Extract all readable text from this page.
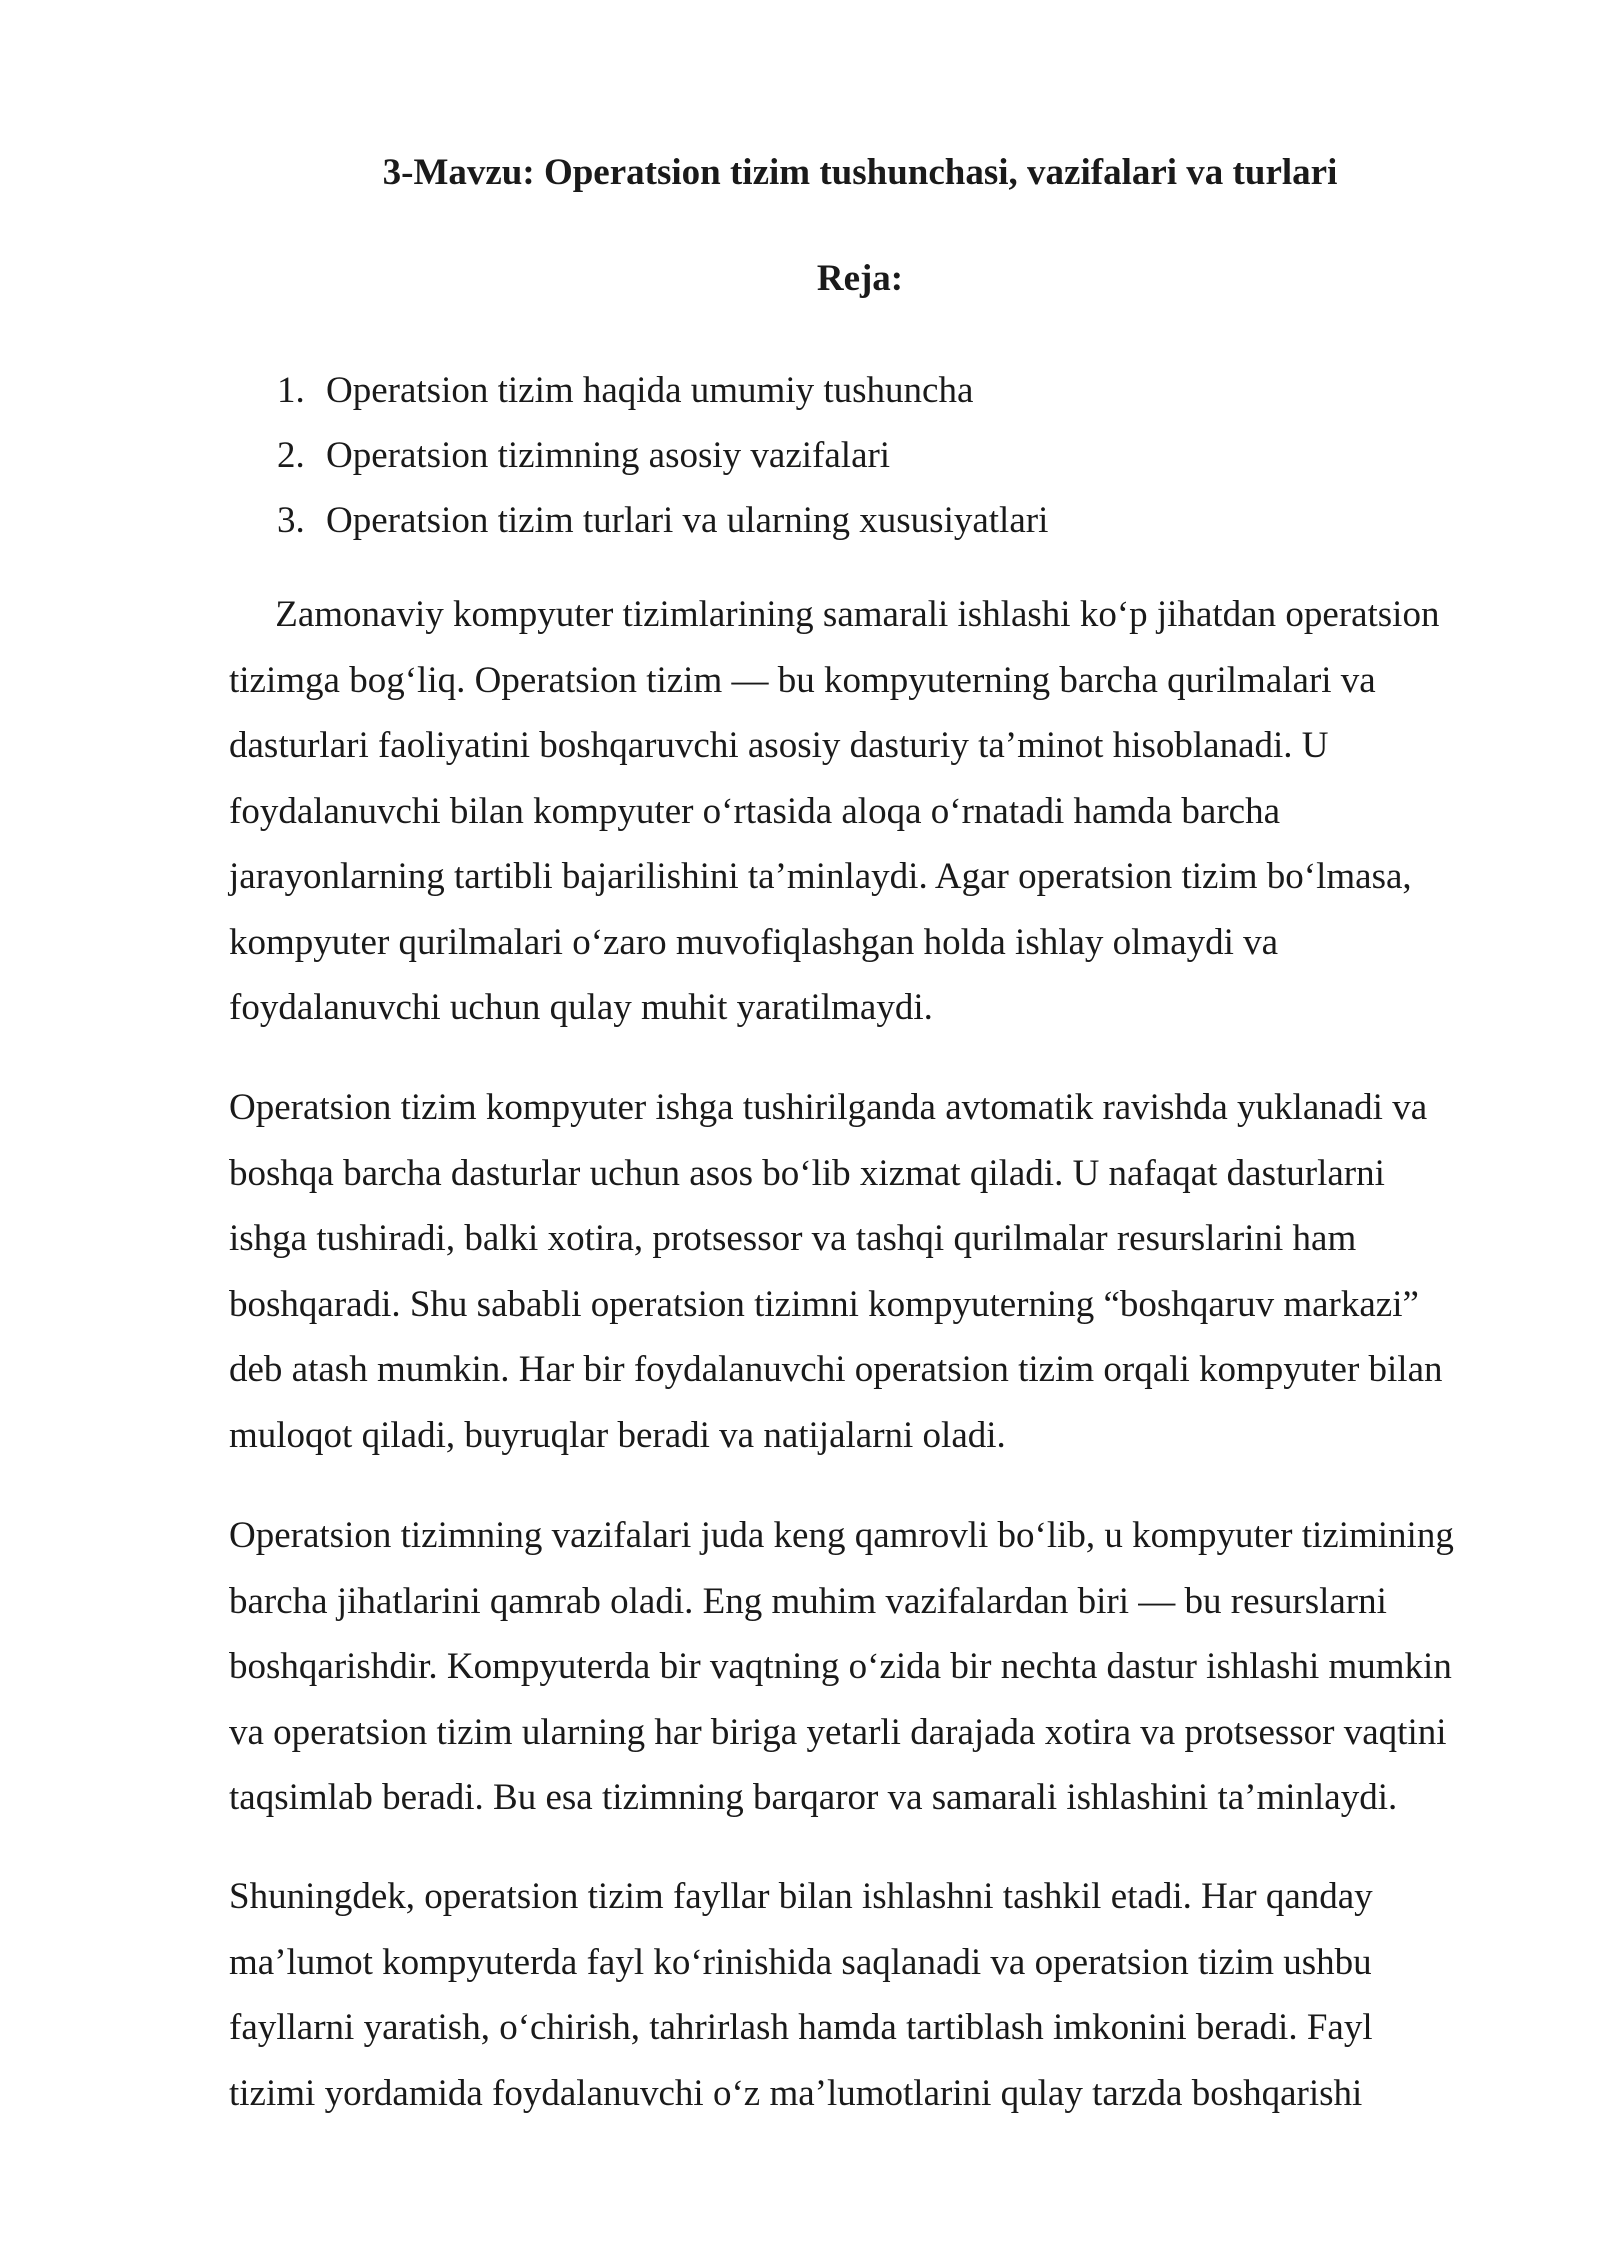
3-Mavzu: Operatsion tizim tushunchasi, vazifalari va turlari
Reja:
1. Operatsion tizim haqida umumiy tushuncha
2. Operatsion tizimning asosiy vazifalari
3. Operatsion tizim turlari va ularning xususiyatlari

Zamonaviy kompyuter tizimlarining samarali ishlashi ko‘p jihatdan operatsion
tizimga bog‘liq. Operatsion tizim — bu kompyuterning barcha qurilmalari va
dasturlari faoliyatini boshqaruvchi asosiy dasturiy ta’minot hisoblanadi. U
foydalanuvchi bilan kompyuter o‘rtasida aloqa o‘rnatadi hamda barcha
jarayonlarning tartibli bajarilishini ta’minlaydi. Agar operatsion tizim bo‘lmasa,
kompyuter qurilmalari o‘zaro muvofiqlashgan holda ishlay olmaydi va
foydalanuvchi uchun qulay muhit yaratilmaydi.

Operatsion tizim kompyuter ishga tushirilganda avtomatik ravishda yuklanadi va
boshqa barcha dasturlar uchun asos bo‘lib xizmat qiladi. U nafaqat dasturlarni
ishga tushiradi, balki xotira, protsessor va tashqi qurilmalar resurslarini ham
boshqaradi. Shu sababli operatsion tizimni kompyuterning “boshqaruv markazi”
deb atash mumkin. Har bir foydalanuvchi operatsion tizim orqali kompyuter bilan
muloqot qiladi, buyruqlar beradi va natijalarni oladi.

Operatsion tizimning vazifalari juda keng qamrovli bo‘lib, u kompyuter tizimining
barcha jihatlarini qamrab oladi. Eng muhim vazifalardan biri — bu resurslarni
boshqarishdir. Kompyuterda bir vaqtning o‘zida bir nechta dastur ishlashi mumkin
va operatsion tizim ularning har biriga yetarli darajada xotira va protsessor vaqtini
taqsimlab beradi. Bu esa tizimning barqaror va samarali ishlashini ta’minlaydi.

Shuningdek, operatsion tizim fayllar bilan ishlashni tashkil etadi. Har qanday
ma’lumot kompyuterda fayl ko‘rinishida saqlanadi va operatsion tizim ushbu
fayllarni yaratish, o‘chirish, tahrirlash hamda tartiblash imkonini beradi. Fayl
tizimi yordamida foydalanuvchi o‘z ma’lumotlarini qulay tarzda boshqarishi
